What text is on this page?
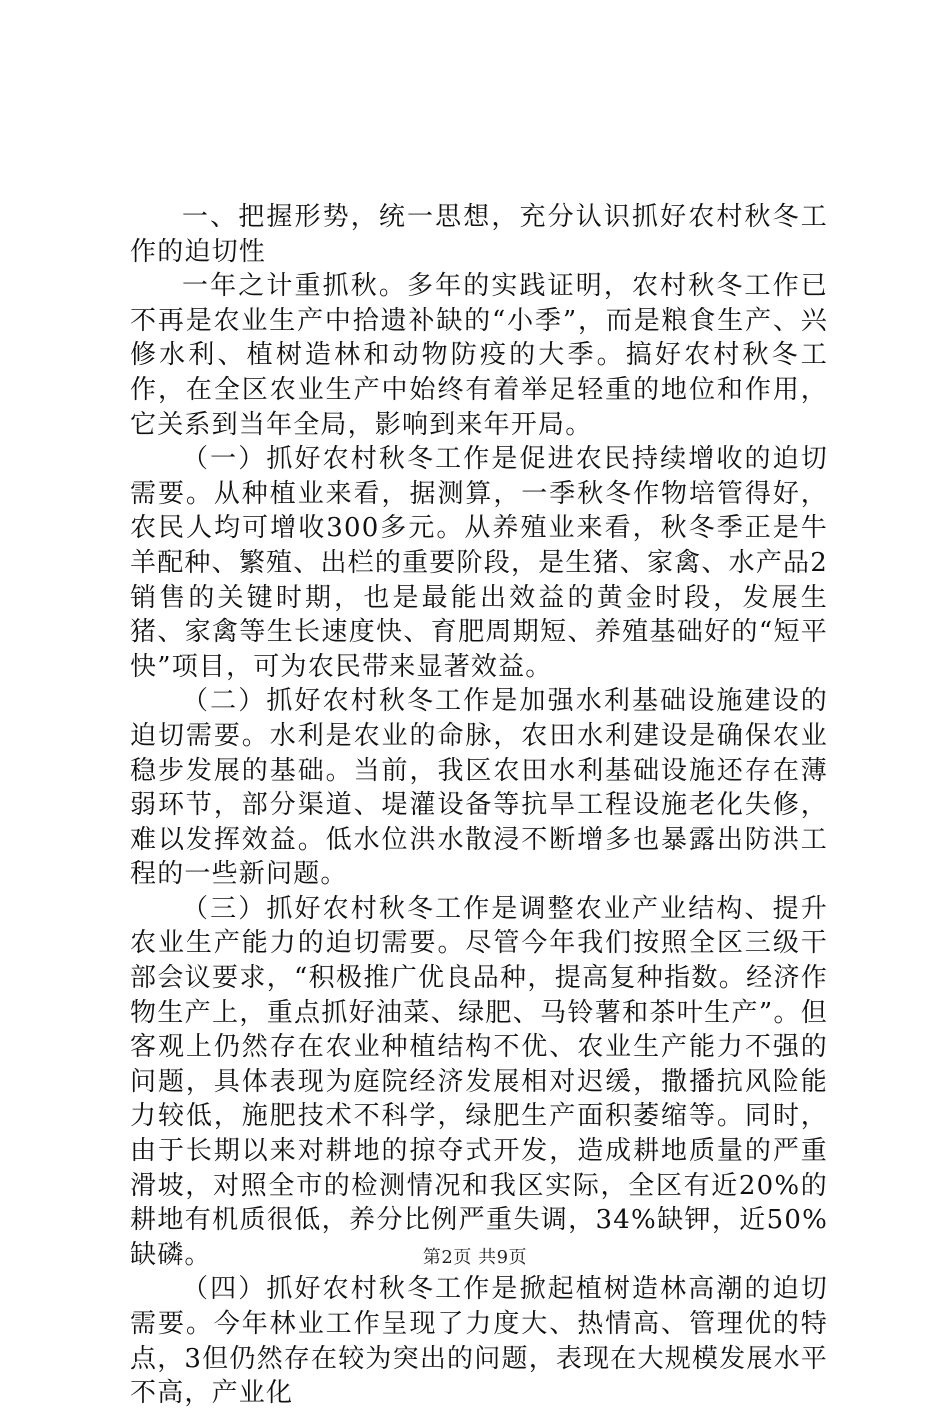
一、把握形势，统一思想，充分认识抓好农村秋冬工作的迫切性

一年之计重抓秋。多年的实践证明，农村秋冬工作已不再是农业生产中拾遗补缺的“小季”，而是粮食生产、兴修水利、植树造林和动物防疫的大季。搞好农村秋冬工作，在全区农业生产中始终有着举足轻重的地位和作用，它关系到当年全局，影响到来年开局。

（一）抓好农村秋冬工作是促进农民持续增收的迫切需要。从种植业来看，据测算，一季秋冬作物培管得好，农民人均可增收300多元。从养殖业来看，秋冬季正是牛羊配种、繁殖、出栏的重要阶段，是生猪、家禽、水产品2销售的关键时期，也是最能出效益的黄金时段，发展生猪、家禽等生长速度快、育肥周期短、养殖基础好的“短平快”项目，可为农民带来显著效益。

（二）抓好农村秋冬工作是加强水利基础设施建设的迫切需要。水利是农业的命脉，农田水利建设是确保农业稳步发展的基础。当前，我区农田水利基础设施还存在薄弱环节，部分渠道、堤灌设备等抗旱工程设施老化失修，难以发挥效益。低水位洪水散浸不断增多也暴露出防洪工程的一些新问题。

（三）抓好农村秋冬工作是调整农业产业结构、提升农业生产能力的迫切需要。尽管今年我们按照全区三级干部会议要求，“积极推广优良品种，提高复种指数。经济作物生产上，重点抓好油菜、绿肥、马铃薯和茶叶生产”。但客观上仍然存在农业种植结构不优、农业生产能力不强的问题，具体表现为庭院经济发展相对迟缓，撒播抗风险能力较低，施肥技术不科学，绿肥生产面积萎缩等。同时，由于长期以来对耕地的掠夺式开发，造成耕地质量的严重滑坡，对照全市的检测情况和我区实际，全区有近20%的耕地有机质很低，养分比例严重失调，34%缺钾，近50%缺磷。

（四）抓好农村秋冬工作是掀起植树造林高潮的迫切需要。今年林业工作呈现了力度大、热情高、管理优的特点，3但仍然存在较为突出的问题，表现在大规模发展水平不高，产业化

第2页 共9页
